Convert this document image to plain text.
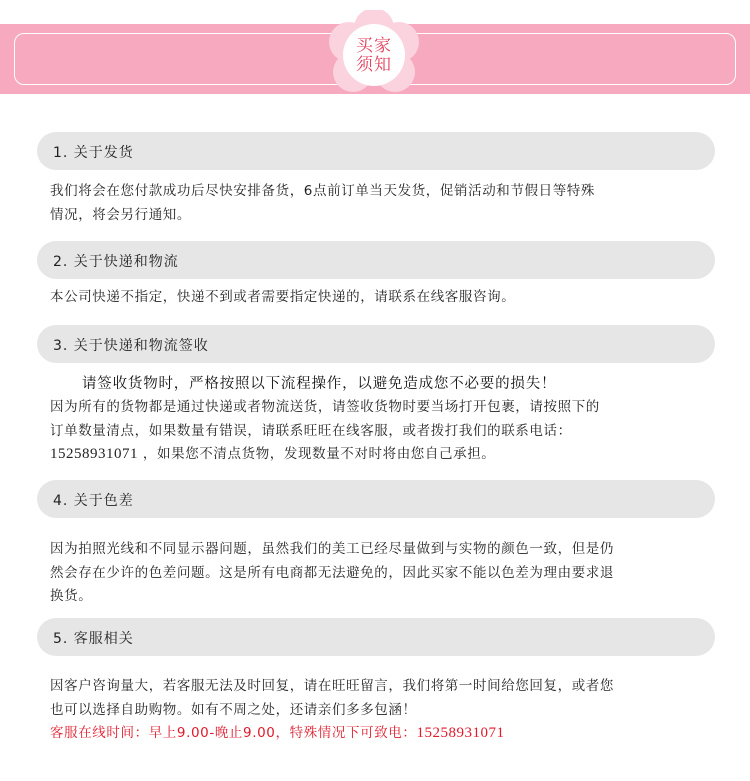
买家
须知
1. 关于发货
我们将会在您付款成功后尽快安排备货，6点前订单当天发货，促销活动和节假日等特殊
情况，将会另行通知。
2. 关于快递和物流
本公司快递不指定，快递不到或者需要指定快递的，请联系在线客服咨询。
3. 关于快递和物流签收
请签收货物时，严格按照以下流程操作，以避免造成您不必要的损失！
因为所有的货物都是通过快递或者物流送货，请签收货物时要当场打开包裹，请按照下的
订单数量清点，如果数量有错误，请联系旺旺在线客服，或者拨打我们的联系电话：
15258931071 ，如果您不清点货物，发现数量不对时将由您自己承担。
4. 关于色差
因为拍照光线和不同显示器问题，虽然我们的美工已经尽量做到与实物的颜色一致，但是仍
然会存在少许的色差问题。这是所有电商都无法避免的，因此买家不能以色差为理由要求退
换货。
5. 客服相关
因客户咨询量大，若客服无法及时回复，请在旺旺留言，我们将第一时间给您回复，或者您
也可以选择自助购物。如有不周之处，还请亲们多多包涵！
客服在线时间：早上9.00-晚止9.00，特殊情况下可致电：15258931071
